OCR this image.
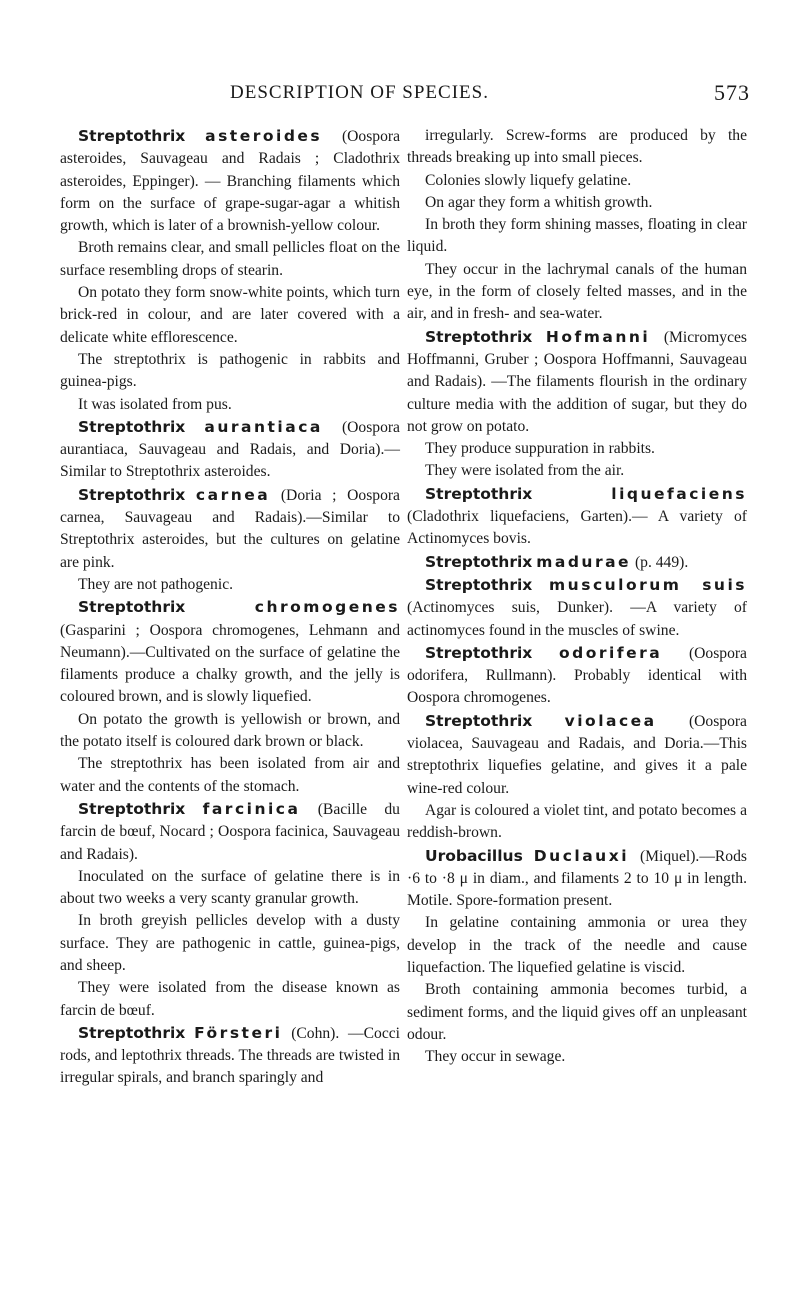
DESCRIPTION OF SPECIES.	573

Streptothrix asteroides (Oospora asteroides, Sauvageau and Radais ; Cladothrix asteroides, Eppinger). — Branching filaments which form on the surface of grape-sugar-agar a whitish growth, which is later of a brownish-yellow colour.

Broth remains clear, and small pellicles float on the surface resembling drops of stearin.

On potato they form snow-white points, which turn brick-red in colour, and are later covered with a delicate white efflorescence.

The streptothrix is pathogenic in rabbits and guinea-pigs.

It was isolated from pus.

Streptothrix aurantiaca (Oospora aurantiaca, Sauvageau and Radais, and Doria).—Similar to Streptothrix asteroides.

Streptothrix carnea (Doria ; Oospora carnea, Sauvageau and Radais).—Similar to Streptothrix asteroides, but the cultures on gelatine are pink.

They are not pathogenic.

Streptothrix	chromogenes (Gasparini ; Oospora chromogenes, Lehmann and Neumann).—Cultivated on the surface of gelatine the filaments produce a chalky growth, and the jelly is coloured brown, and is slowly liquefied.

On potato the growth is yellowish or brown, and the potato itself is coloured dark brown or black.

The streptothrix has been isolated from air and water and the contents of the stomach.

Streptothrix farcinica (Bacille du farcin de bœuf, Nocard ; Oospora facinica, Sauvageau and Radais).

Inoculated on the surface of gelatine there is in about two weeks a very scanty granular growth.

In broth greyish pellicles develop with a dusty surface. They are pathogenic in cattle, guinea-pigs, and sheep.

They were isolated from the disease known as farcin de bœuf.

Streptothrix Försteri (Cohn). —Cocci rods, and leptothrix threads. The threads are twisted in irregular spirals, and branch sparingly and

irregularly. Screw-forms are produced by the threads breaking up into small pieces.

Colonies slowly liquefy gelatine.

On agar they form a whitish growth.

In broth they form shining masses, floating in clear liquid.

They occur in the lachrymal canals of the human eye, in the form of closely felted masses, and in the air, and in fresh- and sea-water.

Streptothrix Hofmanni (Micromyces Hoffmanni, Gruber ; Oospora Hoffmanni, Sauvageau and Radais). —The filaments flourish in the ordinary culture media with the addition of sugar, but they do not grow on potato.

They produce suppuration in rabbits.

They were isolated from the air.

Streptothrix	liquefaciens (Cladothrix liquefaciens, Garten).— A variety of Actinomyces bovis.

Streptothrix madurae (p. 449).

Streptothrix musculorum suis (Actinomyces suis, Dunker). —A variety of actinomyces found in the muscles of swine.

Streptothrix odorifera (Oospora odorifera, Rullmann). Probably identical with Oospora chromogenes.

Streptothrix violacea (Oospora violacea, Sauvageau and Radais, and Doria.—This streptothrix liquefies gelatine, and gives it a pale wine-red colour.

Agar is coloured a violet tint, and potato becomes a reddish-brown.

Urobacillus Duclauxi (Miquel).—Rods ·6 to ·8 μ in diam., and filaments 2 to 10 μ in length. Motile. Spore-formation present.

In gelatine containing ammonia or urea they develop in the track of the needle and cause liquefaction. The liquefied gelatine is viscid.

Broth containing ammonia becomes turbid, a sediment forms, and the liquid gives off an unpleasant odour.

They occur in sewage.
